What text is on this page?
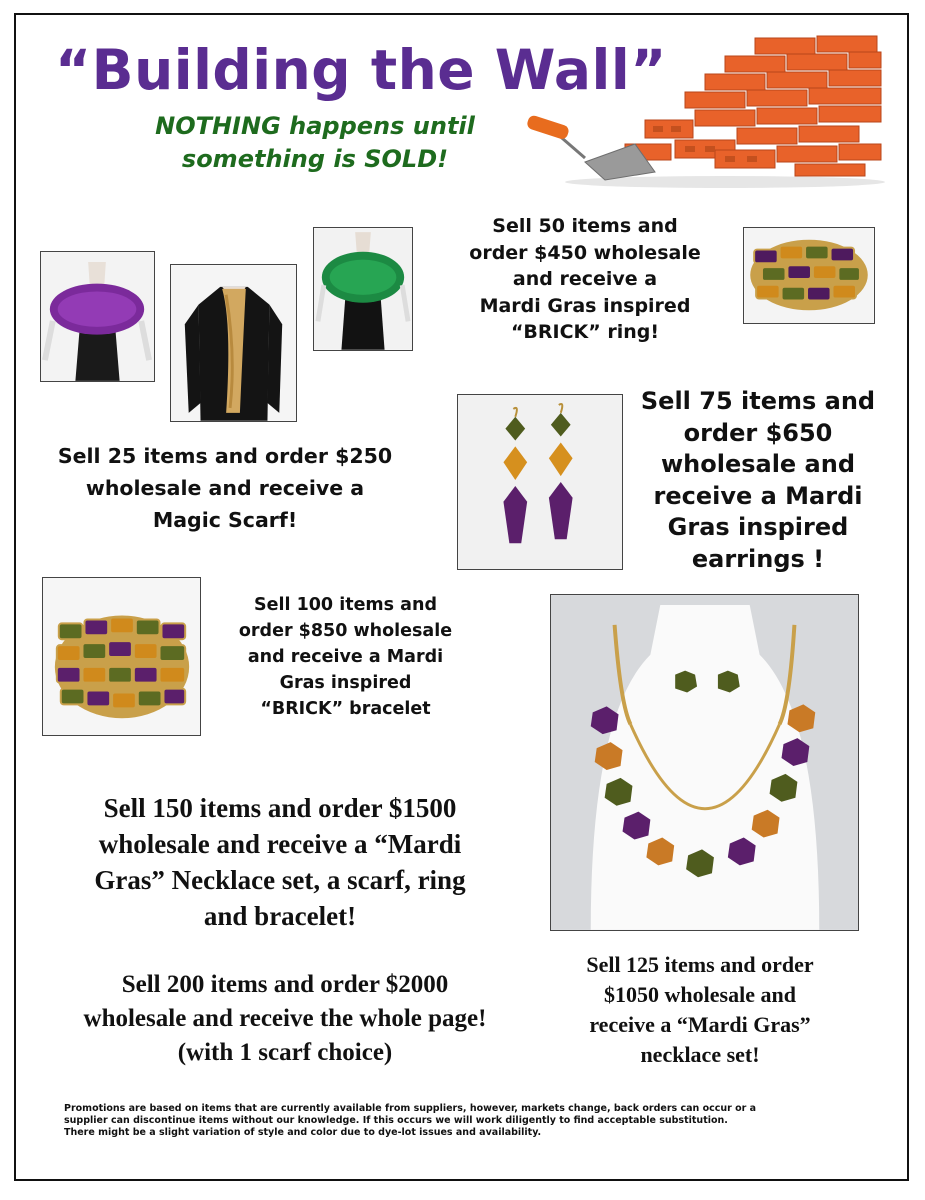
“Building the Wall”
NOTHING happens until
something is SOLD!
Sell 50 items and
order $450 wholesale
and receive a
Mardi Gras inspired
“BRICK” ring!
Sell 25 items and order $250
wholesale and receive a
Magic Scarf!
Sell 75 items and
order $650
wholesale and
receive a Mardi
Gras inspired
earrings !
Sell 100 items and
order $850 wholesale
and receive a Mardi
Gras inspired
“BRICK” bracelet
Sell 150 items and order $1500
wholesale and receive a “Mardi
Gras” Necklace set, a scarf, ring
and bracelet!
Sell 125 items and order
$1050 wholesale and
receive a “Mardi Gras”
necklace set!
Sell 200 items and order $2000
wholesale and receive the whole page!
(with 1 scarf choice)
Promotions are based on items that are currently available from suppliers, however, markets change, back orders can occur or a
supplier can discontinue items without our knowledge. If this occurs we will work diligently to find acceptable substitution.
There might be a slight variation of style and color due to dye-lot issues and availability.
